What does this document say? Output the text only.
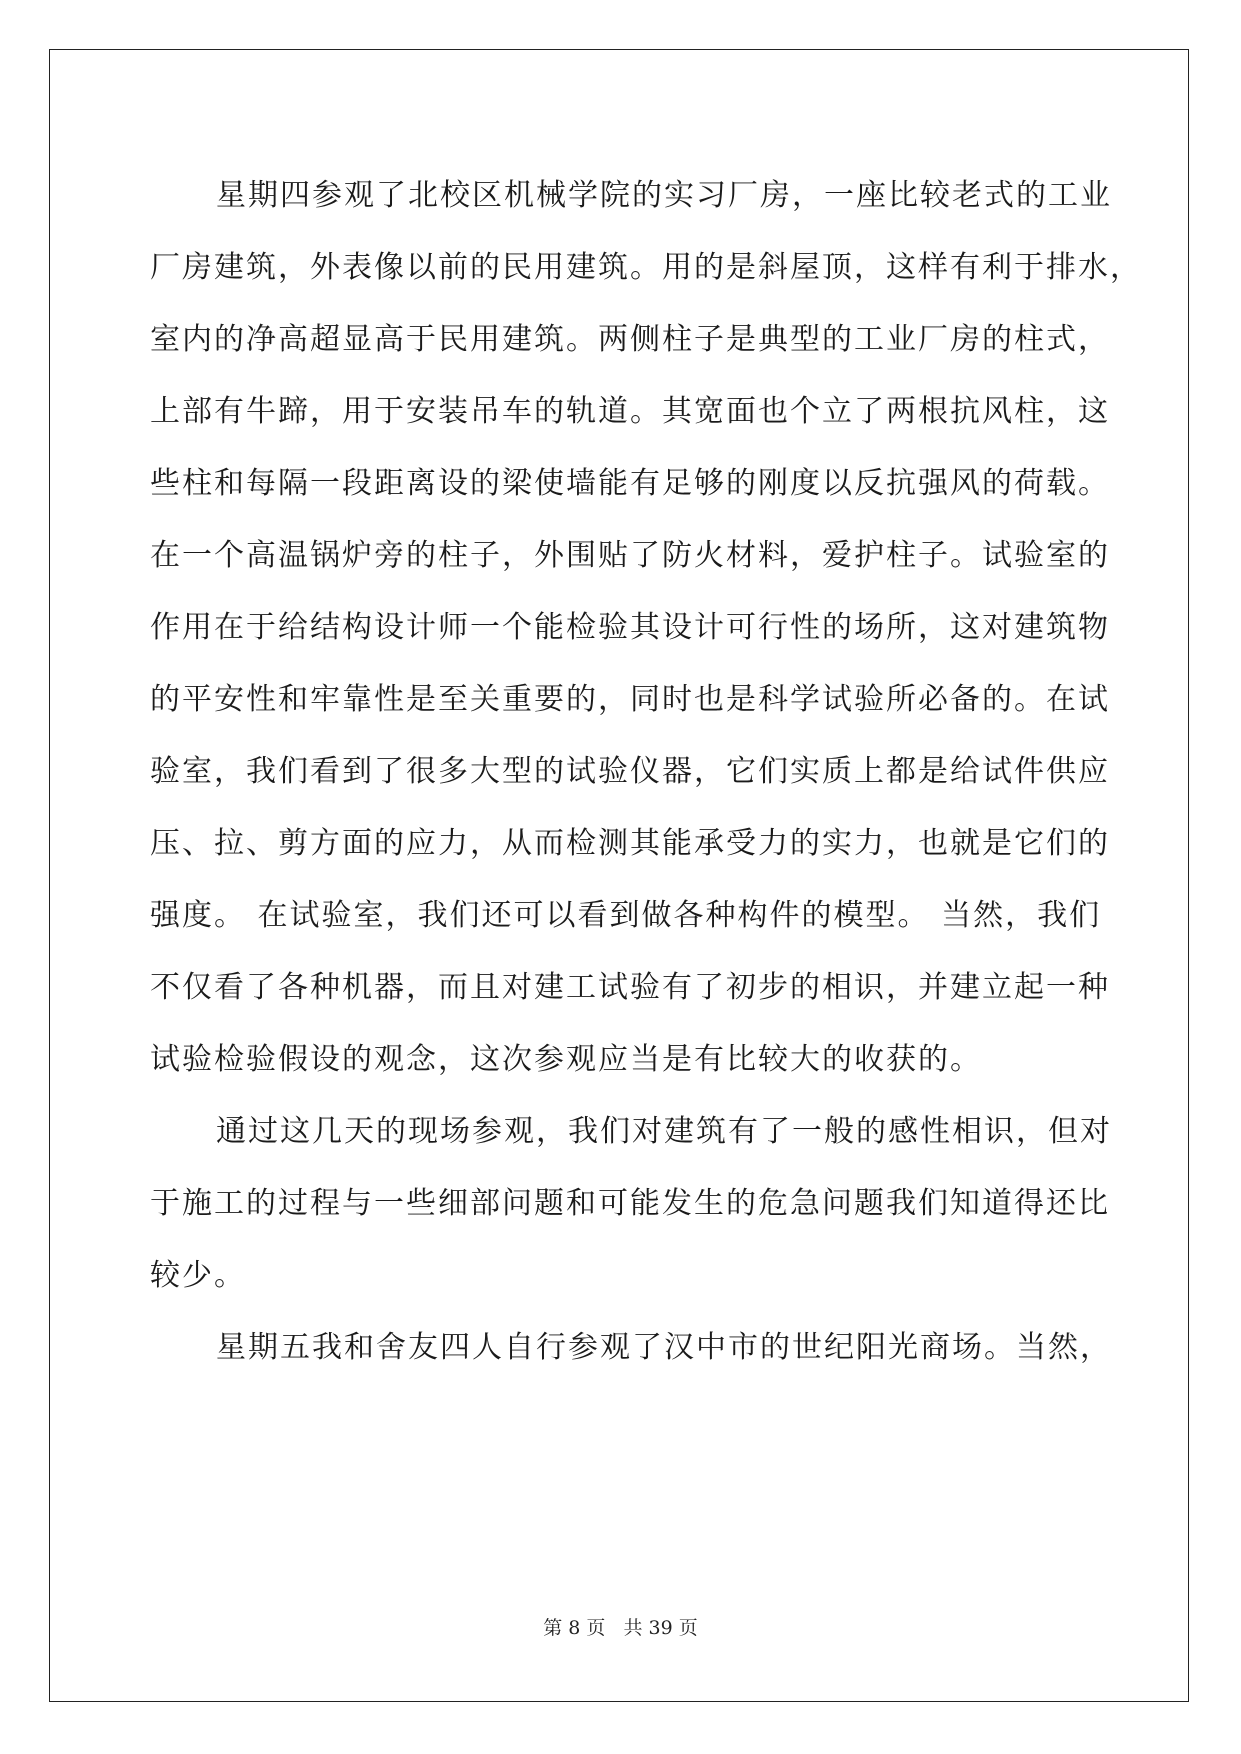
星期四参观了北校区机械学院的实习厂房，一座比较老式的工业
厂房建筑，外表像以前的民用建筑。用的是斜屋顶，这样有利于排水，
室内的净高超显高于民用建筑。两侧柱子是典型的工业厂房的柱式，
上部有牛蹄，用于安装吊车的轨道。其宽面也个立了两根抗风柱，这
些柱和每隔一段距离设的梁使墙能有足够的刚度以反抗强风的荷载。
在一个高温锅炉旁的柱子，外围贴了防火材料，爱护柱子。试验室的
作用在于给结构设计师一个能检验其设计可行性的场所，这对建筑物
的平安性和牢靠性是至关重要的，同时也是科学试验所必备的。在试
验室，我们看到了很多大型的试验仪器，它们实质上都是给试件供应
压、拉、剪方面的应力，从而检测其能承受力的实力，也就是它们的
强度。 在试验室，我们还可以看到做各种构件的模型。 当然，我们
不仅看了各种机器，而且对建工试验有了初步的相识，并建立起一种
试验检验假设的观念，这次参观应当是有比较大的收获的。
通过这几天的现场参观，我们对建筑有了一般的感性相识，但对
于施工的过程与一些细部问题和可能发生的危急问题我们知道得还比
较少。
星期五我和舍友四人自行参观了汉中市的世纪阳光商场。当然，
第 8 页   共 39 页
